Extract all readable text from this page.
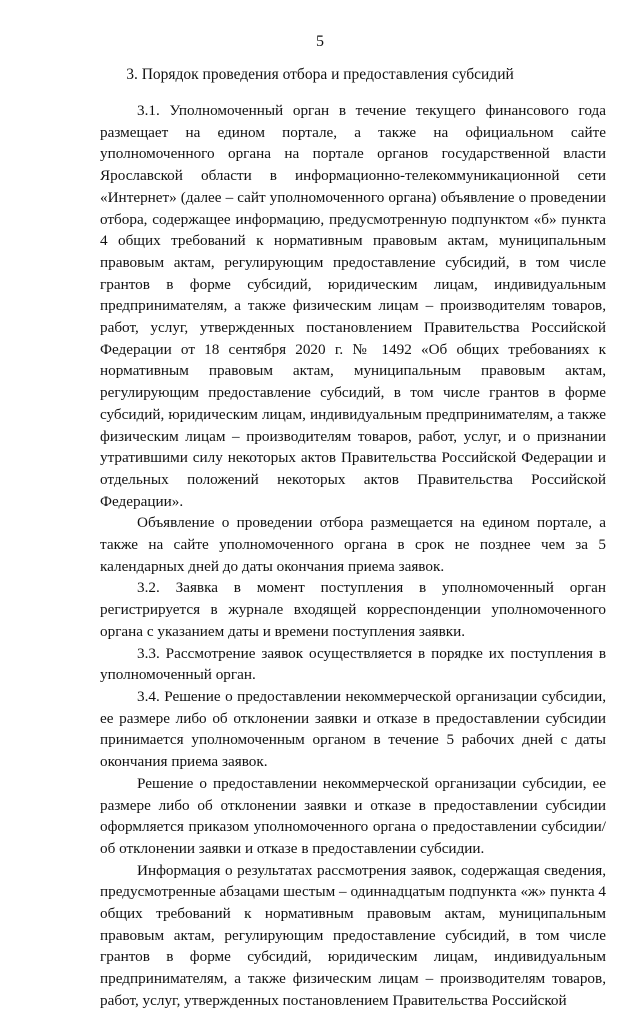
5
3. Порядок проведения отбора и предоставления субсидий

3.1. Уполномоченный орган в течение текущего финансового года размещает на едином портале, а также на официальном сайте уполномоченного органа на портале органов государственной власти Ярославской области в информационно-телекоммуникационной сети «Интернет» (далее – сайт уполномоченного органа) объявление о проведении отбора, содержащее информацию, предусмотренную подпунктом «б» пункта 4 общих требований к нормативным правовым актам, муниципальным правовым актам, регулирующим предоставление субсидий, в том числе грантов в форме субсидий, юридическим лицам, индивидуальным предпринимателям, а также физическим лицам – производителям товаров, работ, услуг, утвержденных постановлением Правительства Российской Федерации от 18 сентября 2020 г. № 1492 «Об общих требованиях к нормативным правовым актам, муниципальным правовым актам, регулирующим предоставление субсидий, в том числе грантов в форме субсидий, юридическим лицам, индивидуальным предпринимателям, а также физическим лицам – производителям товаров, работ, услуг, и о признании утратившими силу некоторых актов Правительства Российской Федерации и отдельных положений некоторых актов Правительства Российской Федерации».

Объявление о проведении отбора размещается на едином портале, а также на сайте уполномоченного органа в срок не позднее чем за 5 календарных дней до даты окончания приема заявок.

3.2. Заявка в момент поступления в уполномоченный орган регистрируется в журнале входящей корреспонденции уполномоченного органа с указанием даты и времени поступления заявки.

3.3. Рассмотрение заявок осуществляется в порядке их поступления в уполномоченный орган.

3.4. Решение о предоставлении некоммерческой организации субсидии, ее размере либо об отклонении заявки и отказе в предоставлении субсидии принимается уполномоченным органом в течение 5 рабочих дней с даты окончания приема заявок.

Решение о предоставлении некоммерческой организации субсидии, ее размере либо об отклонении заявки и отказе в предоставлении субсидии оформляется приказом уполномоченного органа о предоставлении субсидии/об отклонении заявки и отказе в предоставлении субсидии.

Информация о результатах рассмотрения заявок, содержащая сведения, предусмотренные абзацами шестым – одиннадцатым подпункта «ж» пункта 4 общих требований к нормативным правовым актам, муниципальным правовым актам, регулирующим предоставление субсидий, в том числе грантов в форме субсидий, юридическим лицам, индивидуальным предпринимателям, а также физическим лицам – производителям товаров, работ, услуг, утвержденных постановлением Правительства Российской
